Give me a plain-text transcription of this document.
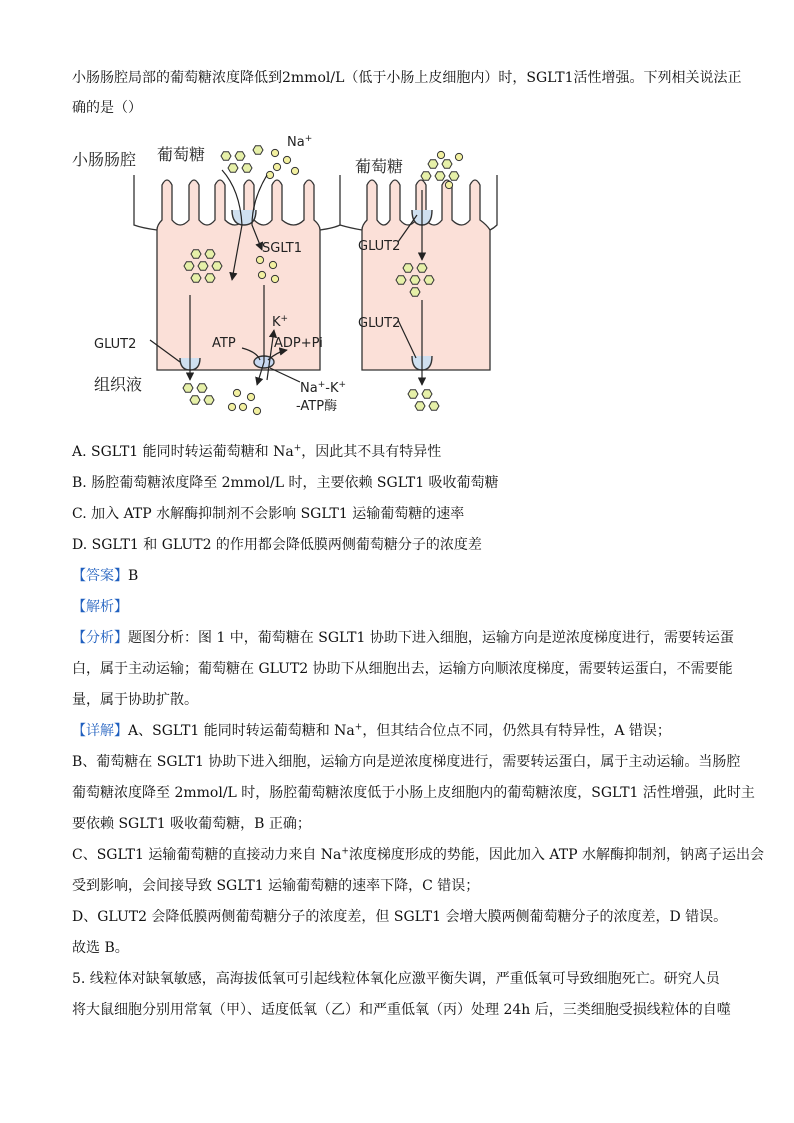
小肠肠腔局部的葡萄糖浓度降低到2mmol/L（低于小肠上皮细胞内）时，SGLT1活性增强。下列相关说法正
确的是（）
小肠肠腔 葡萄糖
葡萄糖
Na+
SGLT1	GLUT2
GLUT2
GLUT2	ATP
K+
ADP+Pi
组织液	Na+-K+
-ATP酶
A. SGLT1 能同时转运葡萄糖和 Na+，因此其不具有特异性
B. 肠腔葡萄糖浓度降至 2mmol/L 时，主要依赖 SGLT1 吸收葡萄糖
C. 加入 ATP 水解酶抑制剂不会影响 SGLT1 运输葡萄糖的速率
D. SGLT1 和 GLUT2 的作用都会降低膜两侧葡萄糖分子的浓度差
【答案】B
【解析】
【分析】题图分析：图 1 中，葡萄糖在 SGLT1 协助下进入细胞，运输方向是逆浓度梯度进行，需要转运蛋
白，属于主动运输；葡萄糖在 GLUT2 协助下从细胞出去，运输方向顺浓度梯度，需要转运蛋白，不需要能
量，属于协助扩散。
【详解】A、SGLT1 能同时转运葡萄糖和 Na+，但其结合位点不同，仍然具有特异性，A 错误；
B、葡萄糖在 SGLT1 协助下进入细胞，运输方向是逆浓度梯度进行，需要转运蛋白，属于主动运输。当肠腔
葡萄糖浓度降至 2mmol/L 时，肠腔葡萄糖浓度低于小肠上皮细胞内的葡萄糖浓度，SGLT1 活性增强，此时主
要依赖 SGLT1 吸收葡萄糖，B 正确；
C、SGLT1 运输葡萄糖的直接动力来自 Na+浓度梯度形成的势能，因此加入 ATP 水解酶抑制剂，钠离子运出会
受到影响，会间接导致 SGLT1 运输葡萄糖的速率下降，C 错误；
D、GLUT2 会降低膜两侧葡萄糖分子的浓度差，但 SGLT1 会增大膜两侧葡萄糖分子的浓度差，D 错误。
故选 B。
5. 线粒体对缺氧敏感，高海拔低氧可引起线粒体氧化应激平衡失调，严重低氧可导致细胞死亡。研究人员
将大鼠细胞分别用常氧（甲）、适度低氧（乙）和严重低氧（丙）处理 24h 后，三类细胞受损线粒体的自噬
